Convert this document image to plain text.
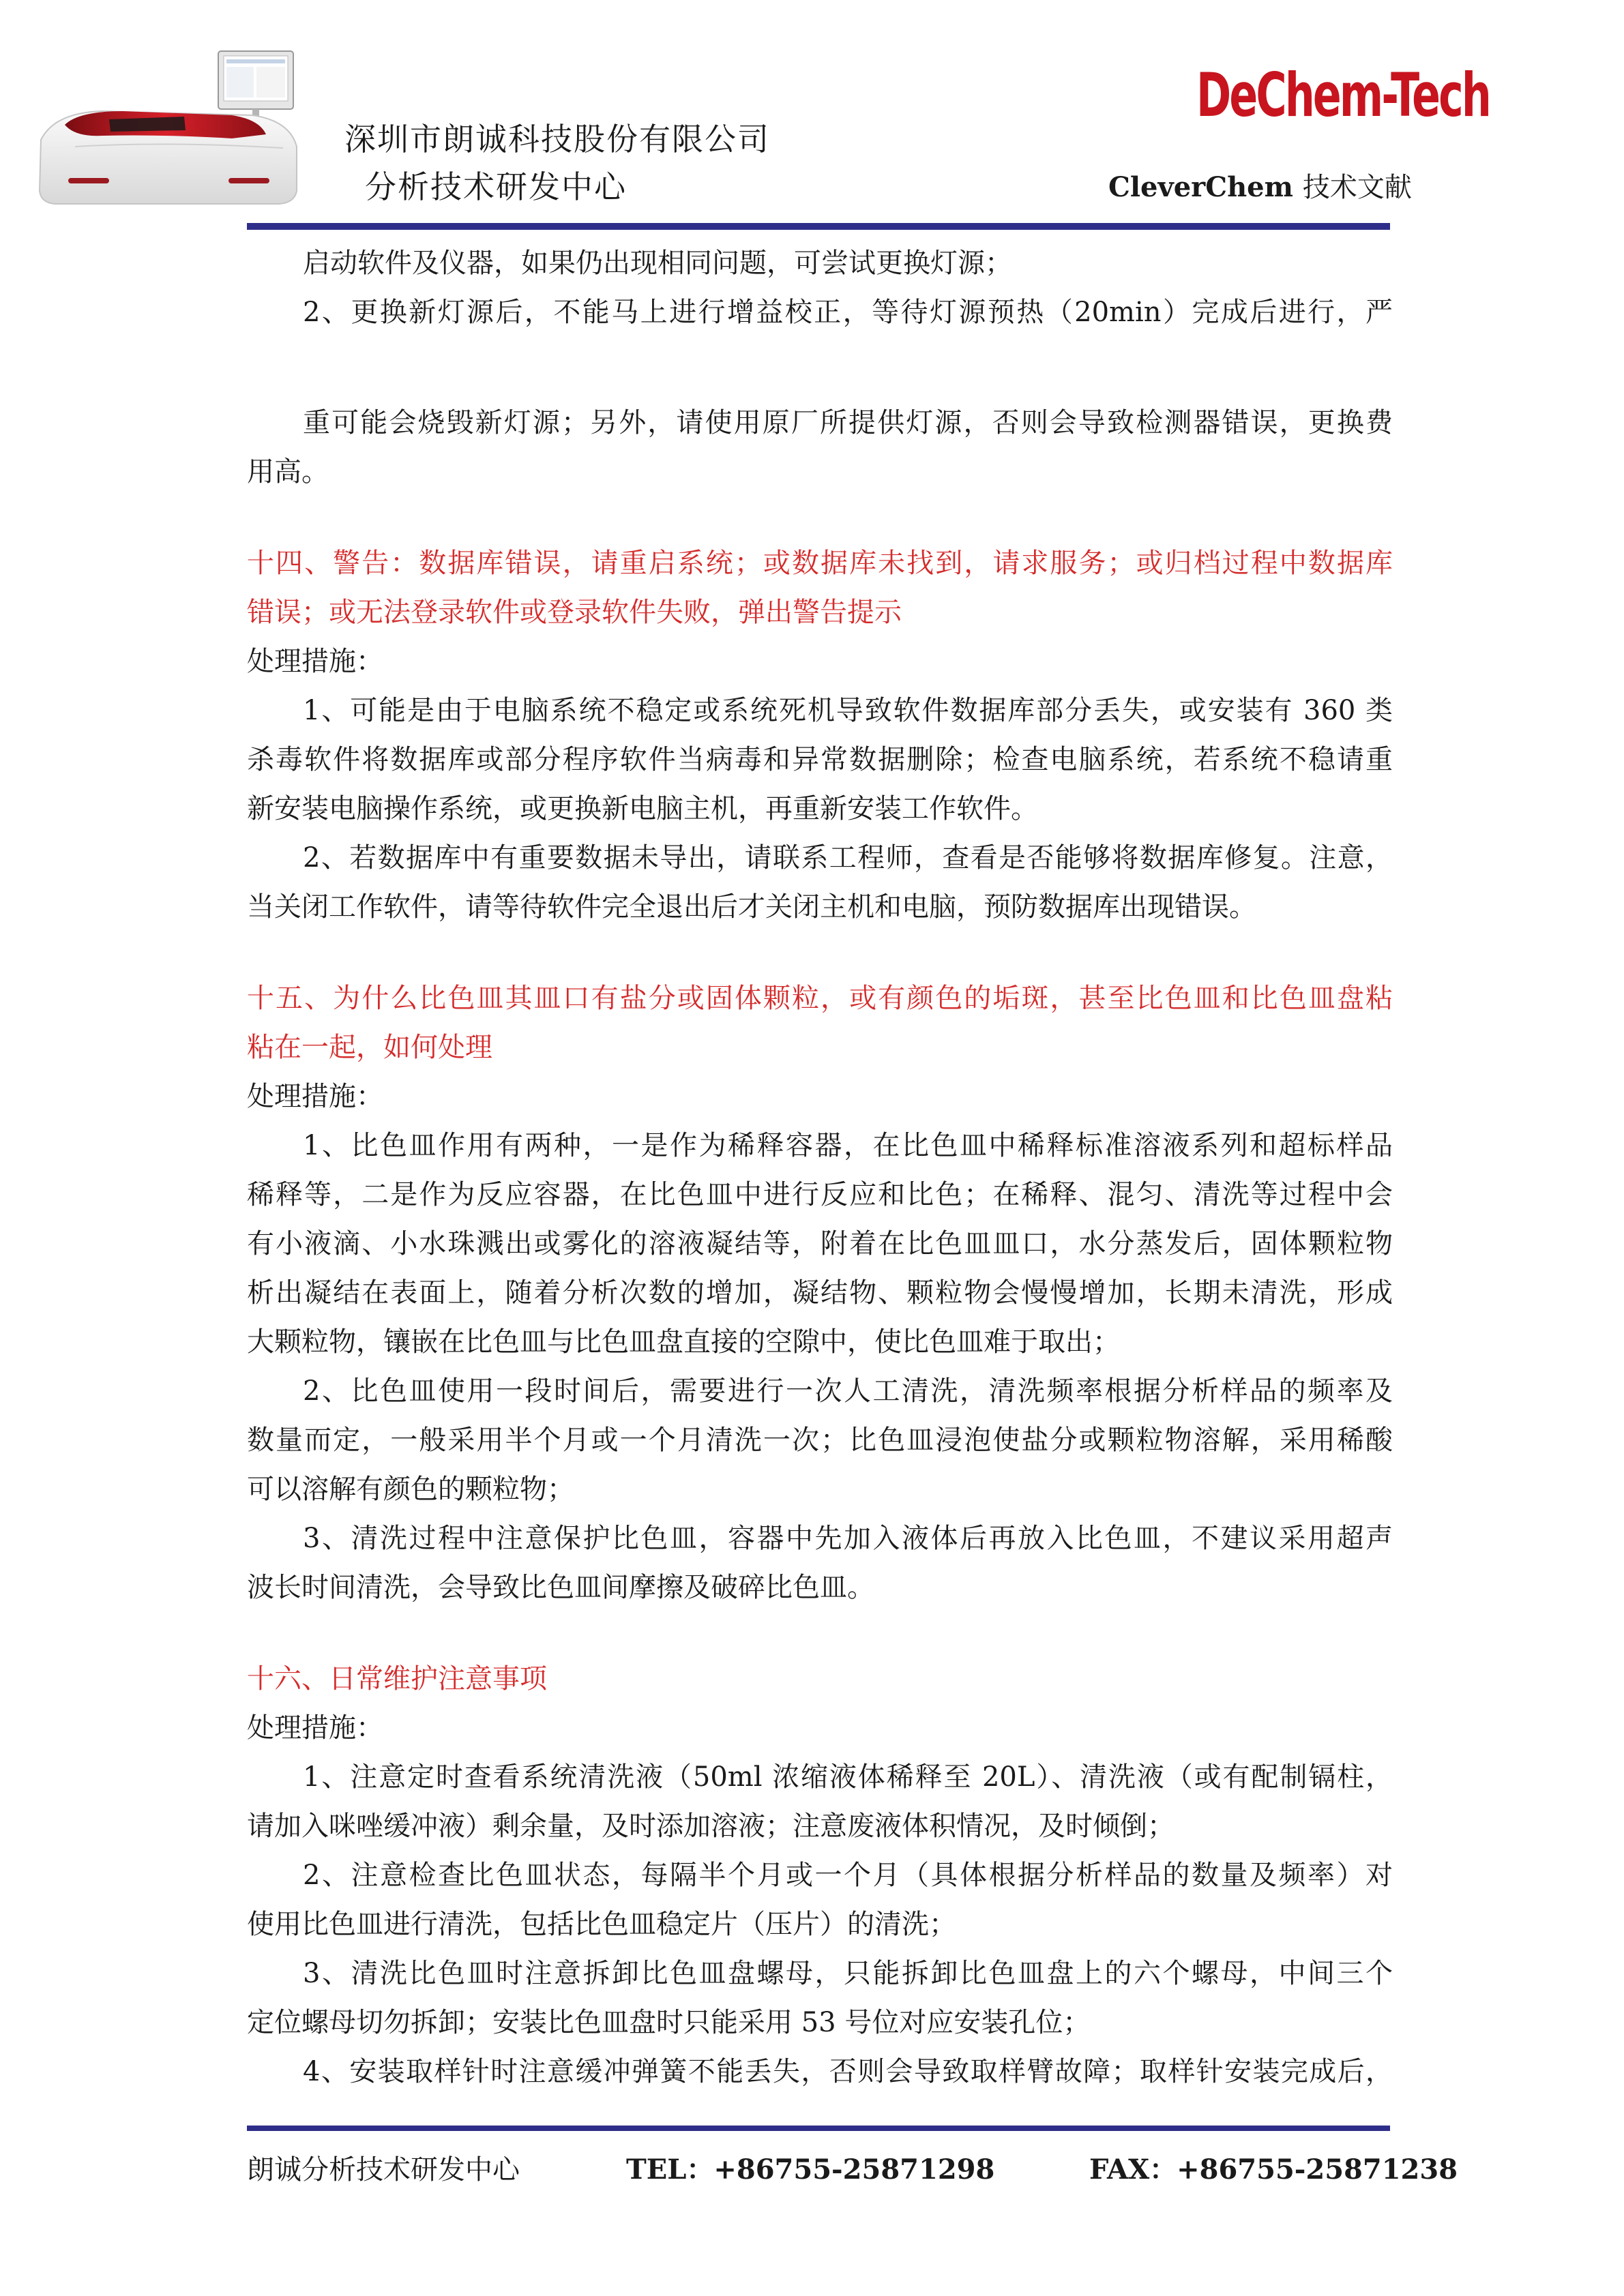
深圳市朗诚科技股份有限公司
分析技术研发中心
DeChem-Tech
CleverChem 技术文献
启动软件及仪器，如果仍出现相同问题，可尝试更换灯源；
2、更换新灯源后，不能马上进行增益校正，等待灯源预热（20min）完成后进行，严
重可能会烧毁新灯源；另外，请使用原厂所提供灯源，否则会导致检测器错误，更换费
用高。
十四、警告：数据库错误，请重启系统；或数据库未找到，请求服务；或归档过程中数据库
错误；或无法登录软件或登录软件失败，弹出警告提示
处理措施：
1、可能是由于电脑系统不稳定或系统死机导致软件数据库部分丢失，或安装有 360 类
杀毒软件将数据库或部分程序软件当病毒和异常数据删除；检查电脑系统，若系统不稳请重
新安装电脑操作系统，或更换新电脑主机，再重新安装工作软件。
2、若数据库中有重要数据未导出，请联系工程师，查看是否能够将数据库修复。注意，
当关闭工作软件，请等待软件完全退出后才关闭主机和电脑，预防数据库出现错误。
十五、为什么比色皿其皿口有盐分或固体颗粒，或有颜色的垢斑，甚至比色皿和比色皿盘粘
粘在一起，如何处理
处理措施：
1、比色皿作用有两种，一是作为稀释容器，在比色皿中稀释标准溶液系列和超标样品
稀释等，二是作为反应容器，在比色皿中进行反应和比色；在稀释、混匀、清洗等过程中会
有小液滴、小水珠溅出或雾化的溶液凝结等，附着在比色皿皿口，水分蒸发后，固体颗粒物
析出凝结在表面上，随着分析次数的增加，凝结物、颗粒物会慢慢增加，长期未清洗，形成
大颗粒物，镶嵌在比色皿与比色皿盘直接的空隙中，使比色皿难于取出；
2、比色皿使用一段时间后，需要进行一次人工清洗，清洗频率根据分析样品的频率及
数量而定，一般采用半个月或一个月清洗一次；比色皿浸泡使盐分或颗粒物溶解，采用稀酸
可以溶解有颜色的颗粒物；
3、清洗过程中注意保护比色皿，容器中先加入液体后再放入比色皿，不建议采用超声
波长时间清洗，会导致比色皿间摩擦及破碎比色皿。
十六、日常维护注意事项
处理措施：
1、注意定时查看系统清洗液（50ml 浓缩液体稀释至 20L）、清洗液（或有配制镉柱，
请加入咪唑缓冲液）剩余量，及时添加溶液；注意废液体积情况，及时倾倒；
2、注意检查比色皿状态，每隔半个月或一个月（具体根据分析样品的数量及频率）对
使用比色皿进行清洗，包括比色皿稳定片（压片）的清洗；
3、清洗比色皿时注意拆卸比色皿盘螺母，只能拆卸比色皿盘上的六个螺母，中间三个
定位螺母切勿拆卸；安装比色皿盘时只能采用 53 号位对应安装孔位；
4、安装取样针时注意缓冲弹簧不能丢失，否则会导致取样臂故障；取样针安装完成后，
朗诚分析技术研发中心	TEL：+86755-25871298	FAX：+86755-25871238
